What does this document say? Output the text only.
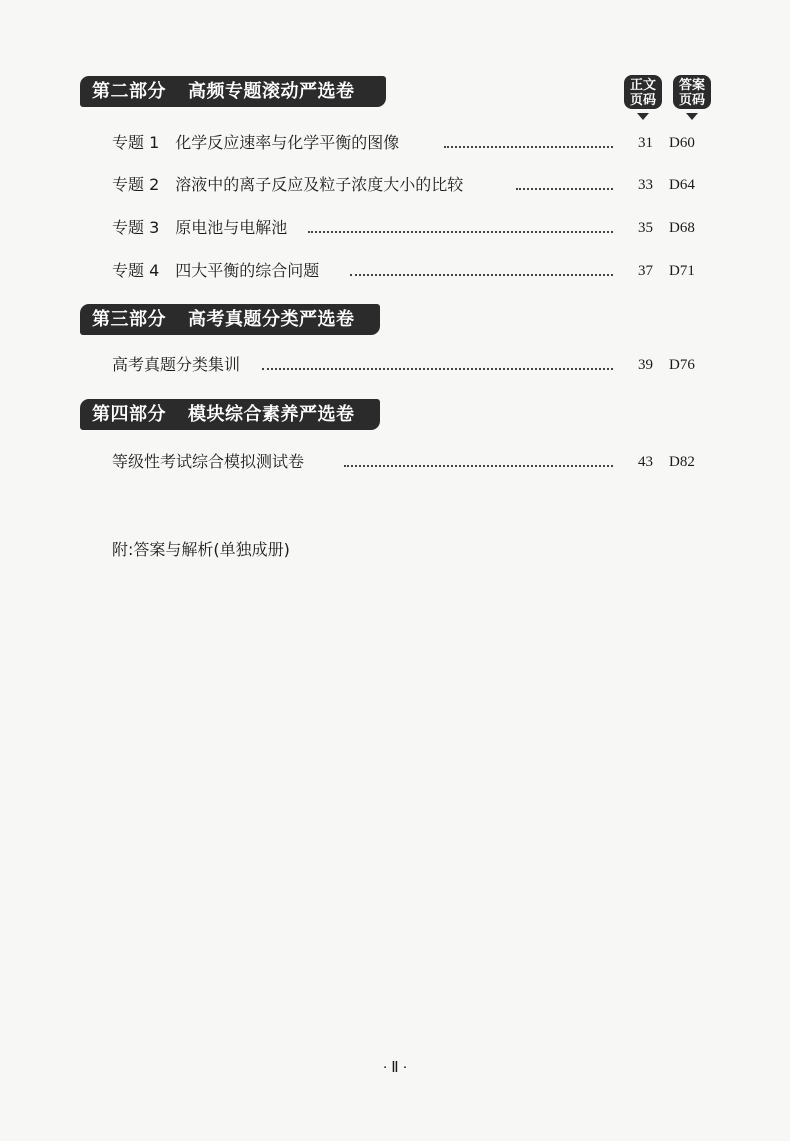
正文
页码
答案
页码
第二部分 高频专题滚动严选卷
专题 1 化学反应速率与化学平衡的图像	31 D60
专题 2 溶液中的离子反应及粒子浓度大小的比较	33 D64
专题 3 原电池与电解池	35 D68
专题 4 四大平衡的综合问题	37 D71
第三部分 高考真题分类严选卷
高考真题分类集训	39 D76
第四部分 模块综合素养严选卷
等级性考试综合模拟测试卷	43 D82
附:答案与解析(单独成册)
· Ⅱ ·
